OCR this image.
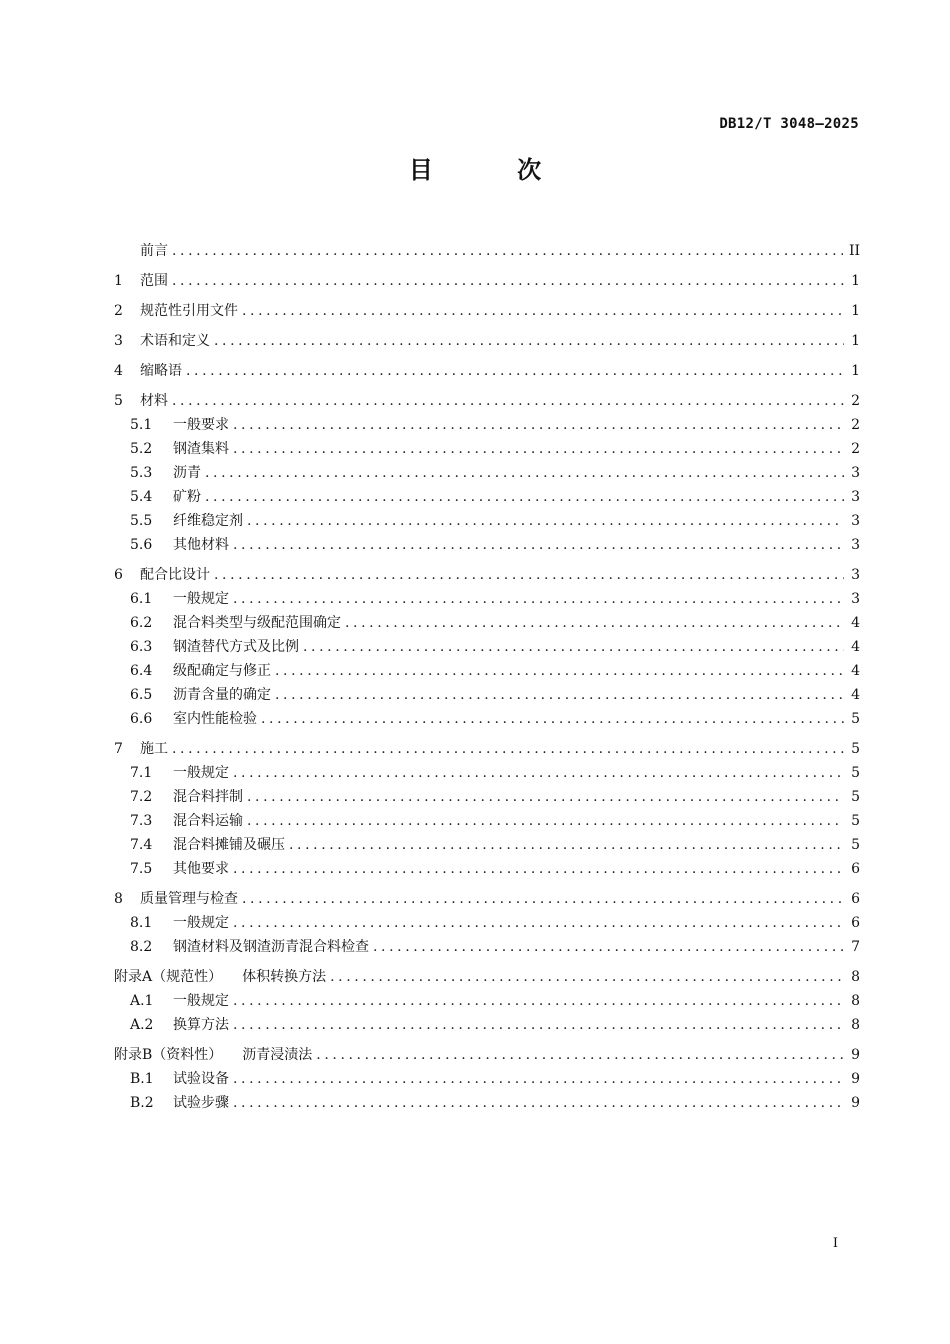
DB12/T 3048—2025
目 次
前言 .....	II
1	范围 .....	1
2	规范性引用文件 .....	1
3	术语和定义 .....	1
4	缩略语 .....	1
5	材料 .....	2
5.1	一般要求 .....	2
5.2	钢渣集料 .....	2
5.3	沥青 .....	3
5.4	矿粉 .....	3
5.5	纤维稳定剂 .....	3
5.6	其他材料 .....	3
6	配合比设计 .....	3
6.1	一般规定 .....	3
6.2	混合料类型与级配范围确定 .....	4
6.3	钢渣替代方式及比例 .....	4
6.4	级配确定与修正 .....	4
6.5	沥青含量的确定 .....	4
6.6	室内性能检验 .....	5
7	施工 .....	5
7.1	一般规定 .....	5
7.2	混合料拌制 .....	5
7.3	混合料运输 .....	5
7.4	混合料摊铺及碾压 .....	5
7.5	其他要求 .....	6
8	质量管理与检查 .....	6
8.1	一般规定 .....	6
8.2	钢渣材料及钢渣沥青混合料检查 .....	7
附录A（规范性）	体积转换方法 .....	8
A.1	一般规定 .....	8
A.2	换算方法 .....	8
附录B（资料性）	沥青浸渍法 .....	9
B.1	试验设备 .....	9
B.2	试验步骤 .....	9
I
